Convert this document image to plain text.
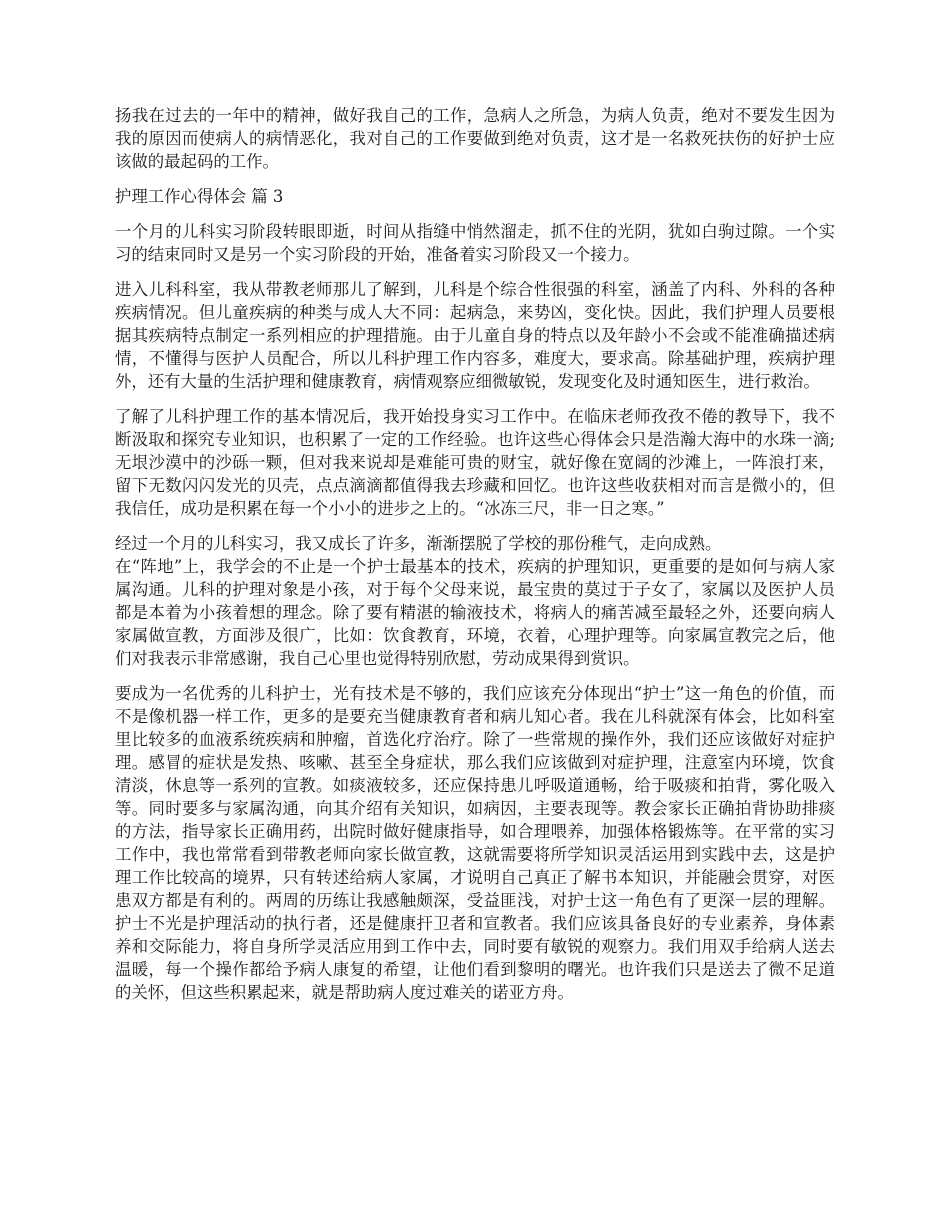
扬我在过去的一年中的精神，做好我自己的工作，急病人之所急，为病人负责，绝对不要发生因为我的原因而使病人的病情恶化，我对自己的工作要做到绝对负责，这才是一名救死扶伤的好护士应该做的最起码的工作。

护理工作心得体会 篇 3

一个月的儿科实习阶段转眼即逝，时间从指缝中悄然溜走，抓不住的光阴，犹如白驹过隙。一个实习的结束同时又是另一个实习阶段的开始，准备着实习阶段又一个接力。

进入儿科科室，我从带教老师那儿了解到，儿科是个综合性很强的科室，涵盖了内科、外科的各种疾病情况。但儿童疾病的种类与成人大不同：起病急，来势凶，变化快。因此，我们护理人员要根据其疾病特点制定一系列相应的护理措施。由于儿童自身的特点以及年龄小不会或不能准确描述病情，不懂得与医护人员配合，所以儿科护理工作内容多，难度大，要求高。除基础护理，疾病护理外，还有大量的生活护理和健康教育，病情观察应细微敏锐，发现变化及时通知医生，进行救治。

了解了儿科护理工作的基本情况后，我开始投身实习工作中。在临床老师孜孜不倦的教导下，我不断汲取和探究专业知识，也积累了一定的工作经验。也许这些心得体会只是浩瀚大海中的水珠一滴;无垠沙漠中的沙砾一颗，但对我来说却是难能可贵的财宝，就好像在宽阔的沙滩上，一阵浪打来，留下无数闪闪发光的贝壳，点点滴滴都值得我去珍藏和回忆。也许这些收获相对而言是微小的，但我信任，成功是积累在每一个小小的进步之上的。“冰冻三尺，非一日之寒。”

经过一个月的儿科实习，我又成长了许多，渐渐摆脱了学校的那份稚气，走向成熟。

在“阵地”上，我学会的不止是一个护士最基本的技术，疾病的护理知识，更重要的是如何与病人家属沟通。儿科的护理对象是小孩，对于每个父母来说，最宝贵的莫过于子女了，家属以及医护人员都是本着为小孩着想的理念。除了要有精湛的输液技术，将病人的痛苦减至最轻之外，还要向病人家属做宣教，方面涉及很广，比如：饮食教育，环境，衣着，心理护理等。向家属宣教完之后，他们对我表示非常感谢，我自己心里也觉得特别欣慰，劳动成果得到赏识。

要成为一名优秀的儿科护士，光有技术是不够的，我们应该充分体现出“护士”这一角色的价值，而不是像机器一样工作，更多的是要充当健康教育者和病儿知心者。我在儿科就深有体会，比如科室里比较多的血液系统疾病和肿瘤，首选化疗治疗。除了一些常规的操作外，我们还应该做好对症护理。感冒的症状是发热、咳嗽、甚至全身症状，那么我们应该做到对症护理，注意室内环境，饮食清淡，休息等一系列的宣教。如痰液较多，还应保持患儿呼吸道通畅，给于吸痰和拍背，雾化吸入等。同时要多与家属沟通，向其介绍有关知识，如病因，主要表现等。教会家长正确拍背协助排痰的方法，指导家长正确用药，出院时做好健康指导，如合理喂养，加强体格锻炼等。在平常的实习工作中，我也常常看到带教老师向家长做宣教，这就需要将所学知识灵活运用到实践中去，这是护理工作比较高的境界，只有转述给病人家属，才说明自己真正了解书本知识，并能融会贯穿，对医患双方都是有利的。两周的历练让我感触颇深，受益匪浅，对护士这一角色有了更深一层的理解。护士不光是护理活动的执行者，还是健康扞卫者和宣教者。我们应该具备良好的专业素养，身体素养和交际能力，将自身所学灵活应用到工作中去，同时要有敏锐的观察力。我们用双手给病人送去温暖，每一个操作都给予病人康复的希望，让他们看到黎明的曙光。也许我们只是送去了微不足道的关怀，但这些积累起来，就是帮助病人度过难关的诺亚方舟。
